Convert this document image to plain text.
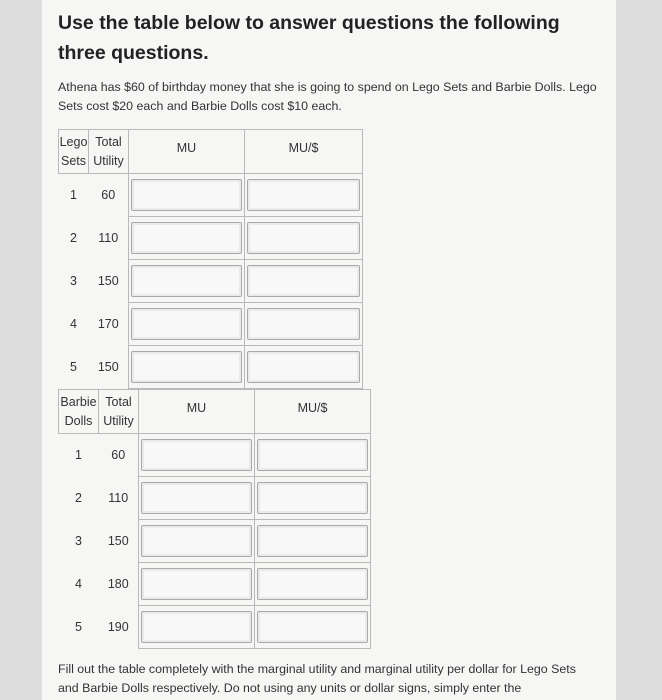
Use the table below to answer questions the following three questions.
Athena has $60 of birthday money that she is going to spend on Lego Sets and Barbie Dolls. Lego Sets cost $20 each and Barbie Dolls cost $10 each.
Lego Sets	Total Utility	MU	MU/$
1	60	

2	110	

3	150	

4	170	

5	150	

Barbie Dolls	Total Utility	MU	MU/$
1	60	

2	110	

3	150	

4	180	

5	190	

Fill out the table completely with the marginal utility and marginal utility per dollar for Lego Sets and Barbie Dolls respectively. Do not using any units or dollar signs, simply enter the
